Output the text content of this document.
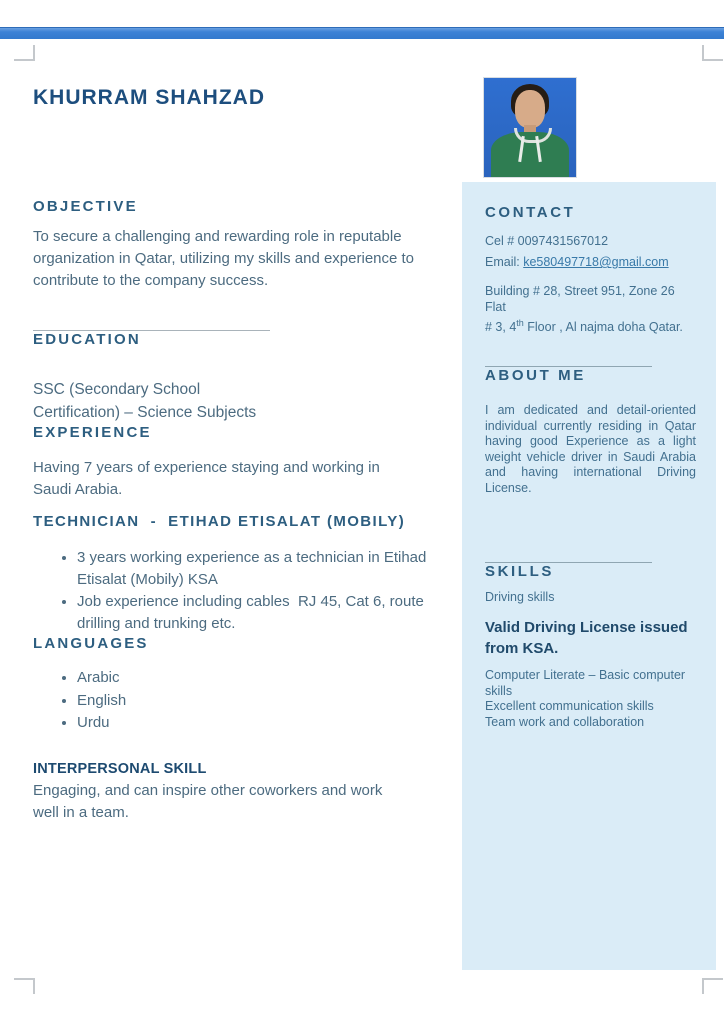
KHURRAM SHAHZAD
OBJECTIVE
To secure a challenging and rewarding role in reputable
organization in Qatar, utilizing my skills and experience to
contribute to the company success.
EDUCATION
SSC (Secondary School
Certification) – Science Subjects
EXPERIENCE
Having 7 years of experience staying and working in
Saudi Arabia.
TECHNICIAN  -  ETIHAD ETISALAT (MOBILY)
• 3 years working experience as a technician in Etihad Etisalat (Mobily) KSA
• Job experience including cables  RJ 45, Cat 6, route drilling and trunking etc.
LANGUAGES
• Arabic
• English
• Urdu
INTERPERSONAL SKILL
Engaging, and can inspire other coworkers and work
well in a team.
CONTACT
Cel # 0097431567012
Email: ke580497718@gmail.com
Building # 28, Street 951, Zone 26 Flat
# 3, 4th Floor , Al najma doha Qatar.
ABOUT ME
I am dedicated and detail-oriented individual currently residing in Qatar having good Experience as a light weight vehicle driver in Saudi Arabia and having international Driving License.
SKILLS
Driving skills
Valid Driving License issued from KSA.
Computer Literate – Basic computer skills
Excellent communication skills
Team work and collaboration
